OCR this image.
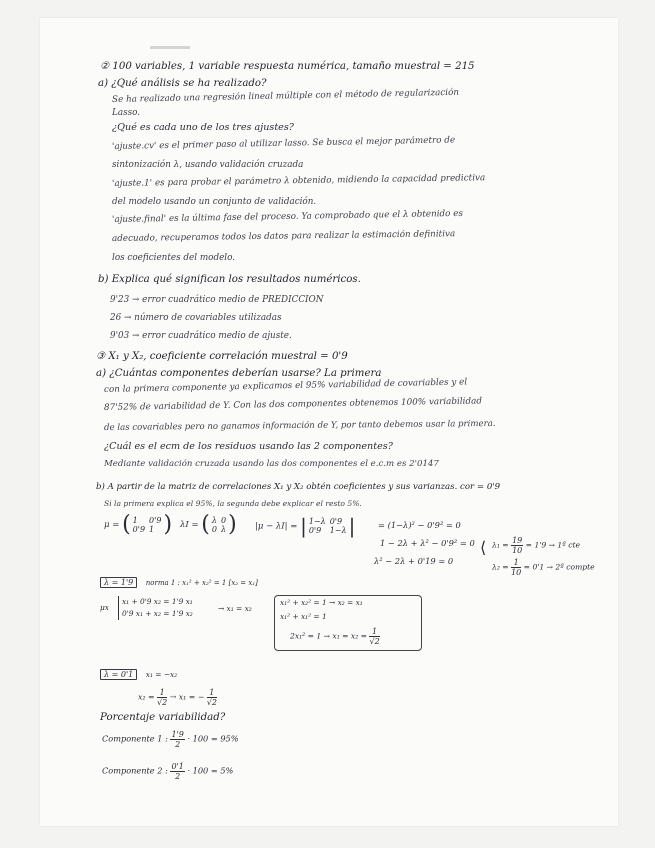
② 100 variables, 1 variable respuesta numérica, tamaño muestral = 215
a) ¿Qué análisis se ha realizado?
Se ha realizado una regresión lineal múltiple con el método de regularización
Lasso.
¿Qué es cada uno de los tres ajustes?
'ajuste.cv' es el primer paso al utilizar lasso. Se busca el mejor parámetro de
sintonización λ, usando validación cruzada
'ajuste.1' es para probar el parámetro λ obtenido, midiendo la capacidad predictiva
del modelo usando un conjunto de validación.
'ajuste.final' es la última fase del proceso. Ya comprobado que el λ obtenido es
adecuado, recuperamos todos los datos para realizar la estimación definitiva
los coeficientes del modelo.
b) Explica qué significan los resultados numéricos.
9'23 → error cuadrático medio de PREDICCION
26 → número de covariables utilizadas
9'03 → error cuadrático medio de ajuste.
③ X₁ y X₂, coeficiente correlación muestral = 0'9
a) ¿Cuántas componentes deberían usarse? La primera
con la primera componente ya explicamos el 95% variabilidad de covariables y el
87'52% de variabilidad de Y. Con las dos componentes obtenemos 100% variabilidad
de las covariables pero no ganamos información de Y, por tanto debemos usar la primera.
¿Cuál es el ecm de los residuos usando las 2 componentes?
Mediante validación cruzada usando las dos componentes el e.c.m es 2'0147
b) A partir de la matriz de correlaciones X₁ y X₂ obtén coeficientes y sus varianzas. cor = 0'9
Si la primera explica el 95%, la segunda debe explicar el resto 5%.
μ = ( 1	0'9
0'9	1 ) λI = ( λ	0
0	λ ) |μ − λI| = | 1−λ	0'9
0'9	1−λ |	= (1−λ)² − 0'9² = 0
1 − 2λ + λ² − 0'9² = 0
λ² − 2λ + 0'19 = 0
⟨ $\lambda_1 = \frac{19}{10} = 1'9$ → 1ª cte
$\lambda_2 = \frac{1}{10} = 0'1$ → 2ª compte
λ = 1'9 norma 1 : x₁² + x₂² = 1 [x₂ = x₁]
μx
x₁ + 0'9 x₂ = 1'9 x₁
0'9 x₁ + x₂ = 1'9 x₂
→ x₁ = x₂
x₁² + x₂² = 1 → x₂ = x₁
x₁² + x₁² = 1
$2x_1^2 = 1 \to x_1 = x_2 = \frac{1}{√2}$
λ = 0'1 x₁ = −x₂
$x_2 = \frac{1}{√2} \to x_1$ = − $\frac{1}{√2}$
Porcentaje variabilidad?
Componente 1 : $\frac{1'9}{2} \cdot 100 = 95\%$
Componente 2 : $\frac{0'1}{2} \cdot 100 = 5\%$
